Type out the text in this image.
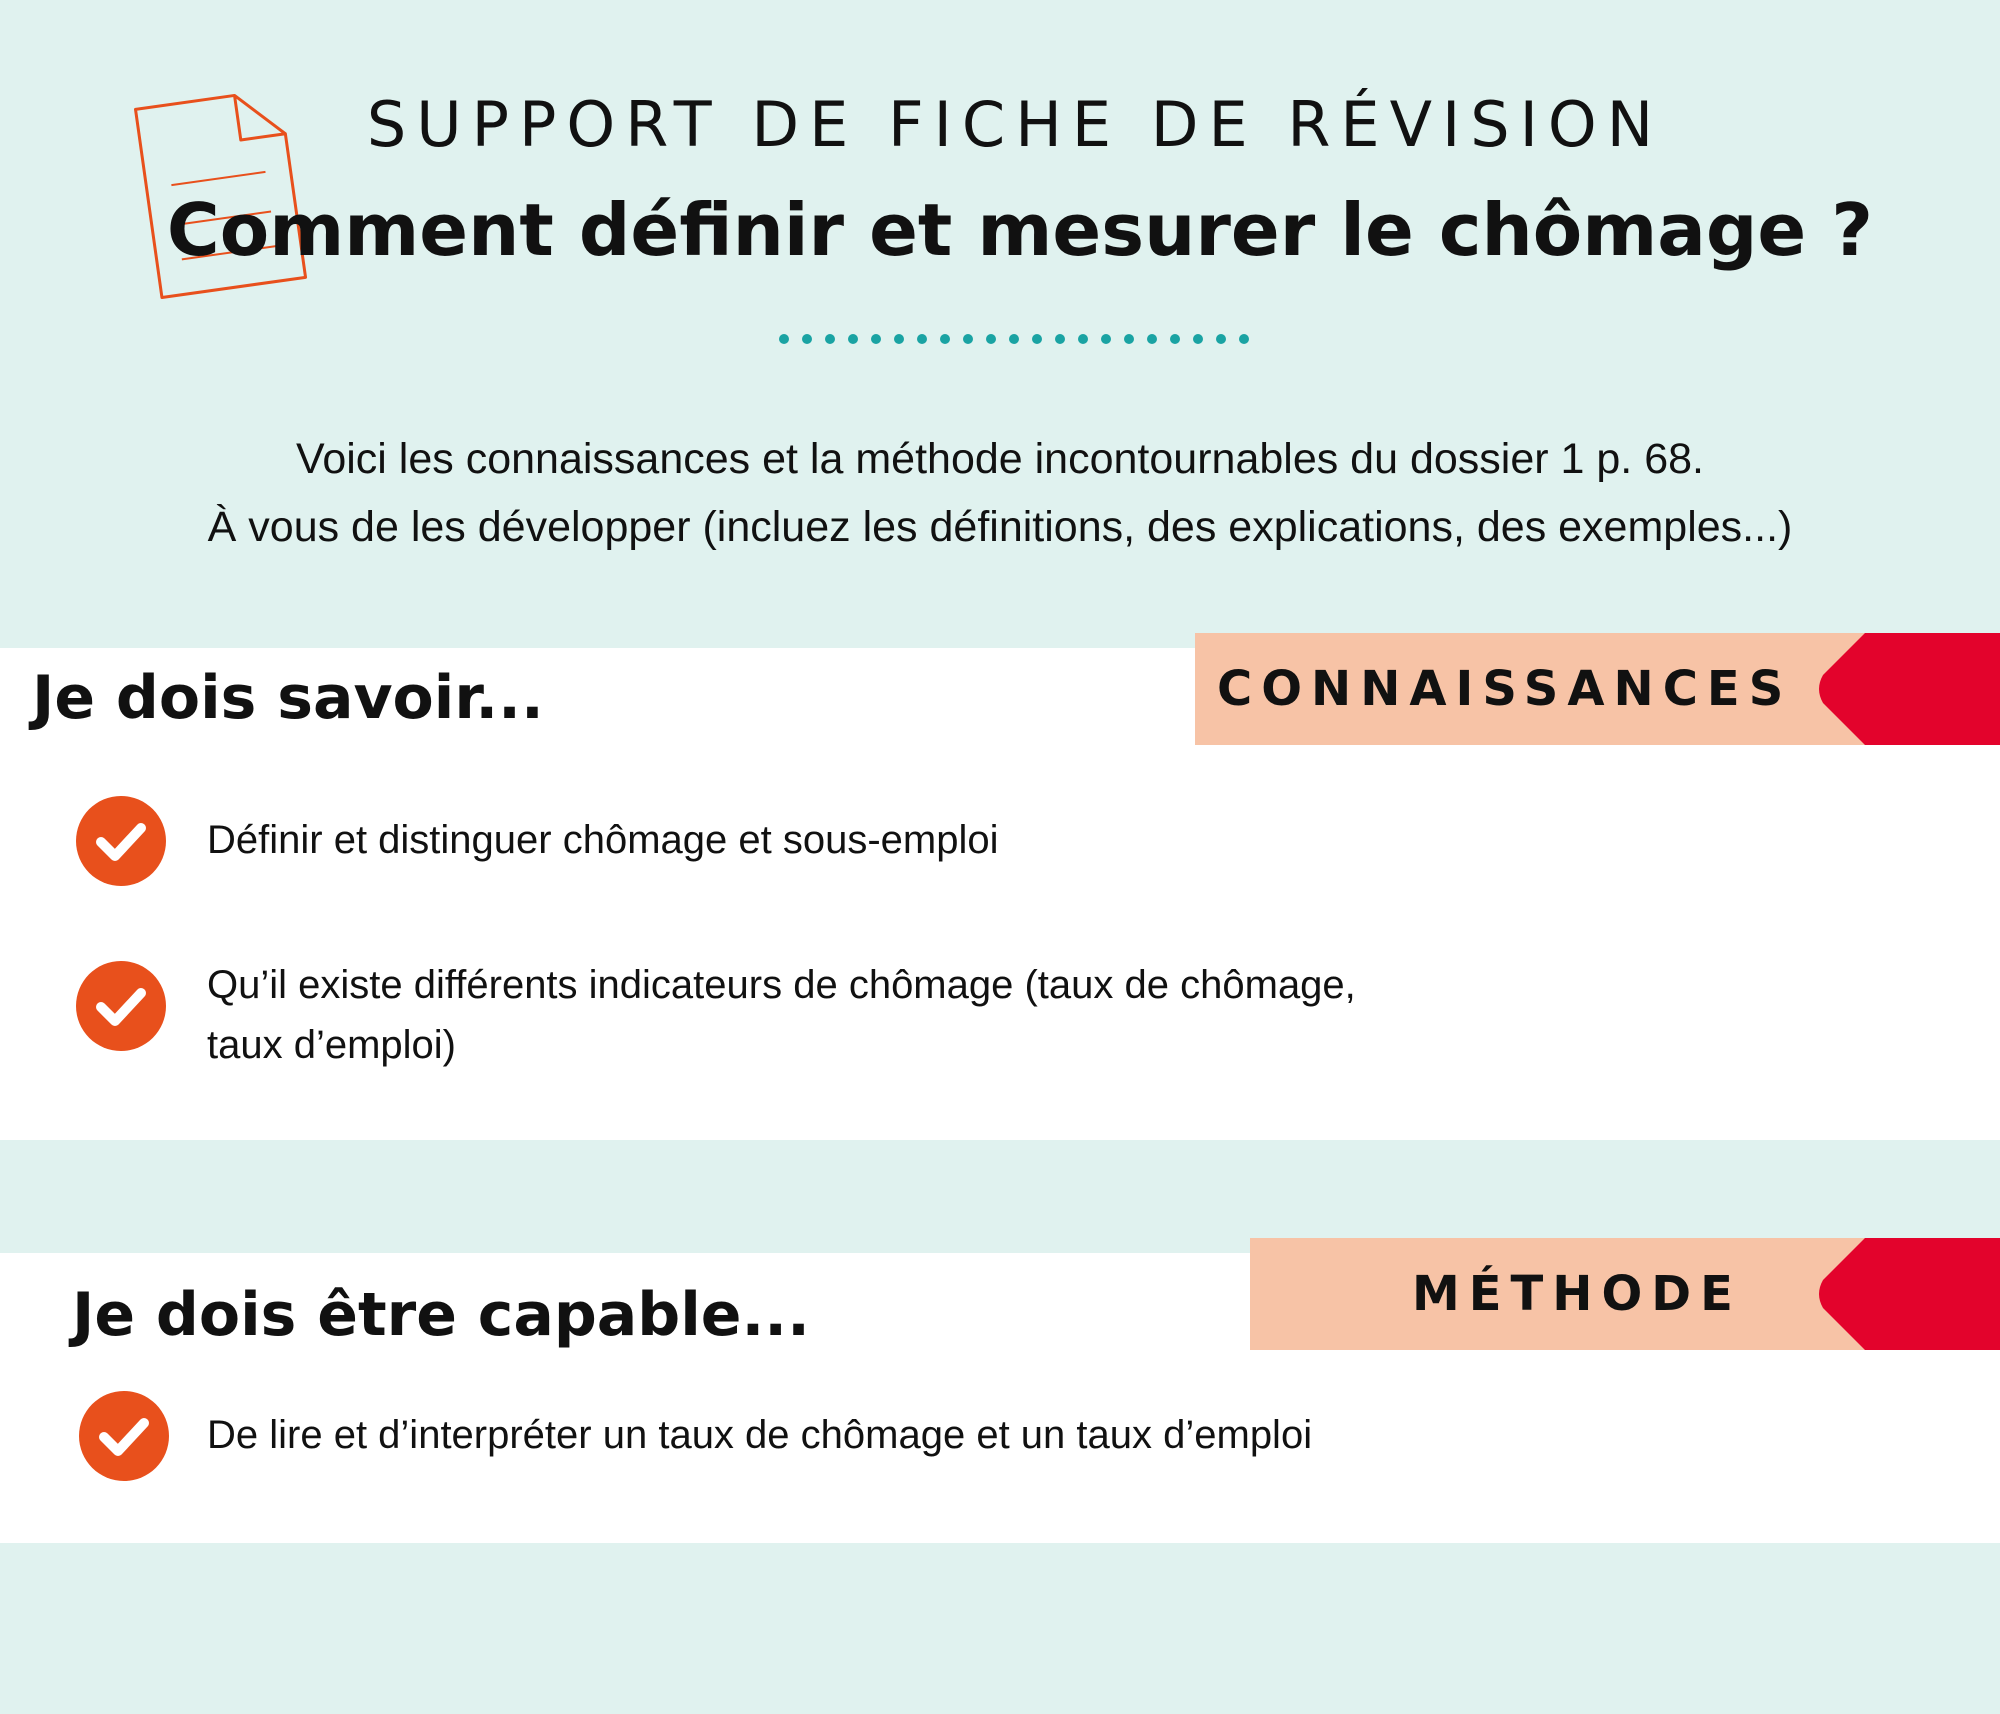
SUPPORT DE FICHE DE RÉVISION
Comment définir et mesurer le chômage ?
Voici les connaissances et la méthode incontournables du dossier 1 p. 68.
À vous de les développer (incluez les définitions, des explications, des exemples...)
CONNAISSANCES
Je dois savoir...
Définir et distinguer chômage et sous-emploi
Qu’il existe différents indicateurs de chômage (taux de chômage,
taux d’emploi)
MÉTHODE
Je dois être capable...
De lire et d’interpréter un taux de chômage et un taux d’emploi
